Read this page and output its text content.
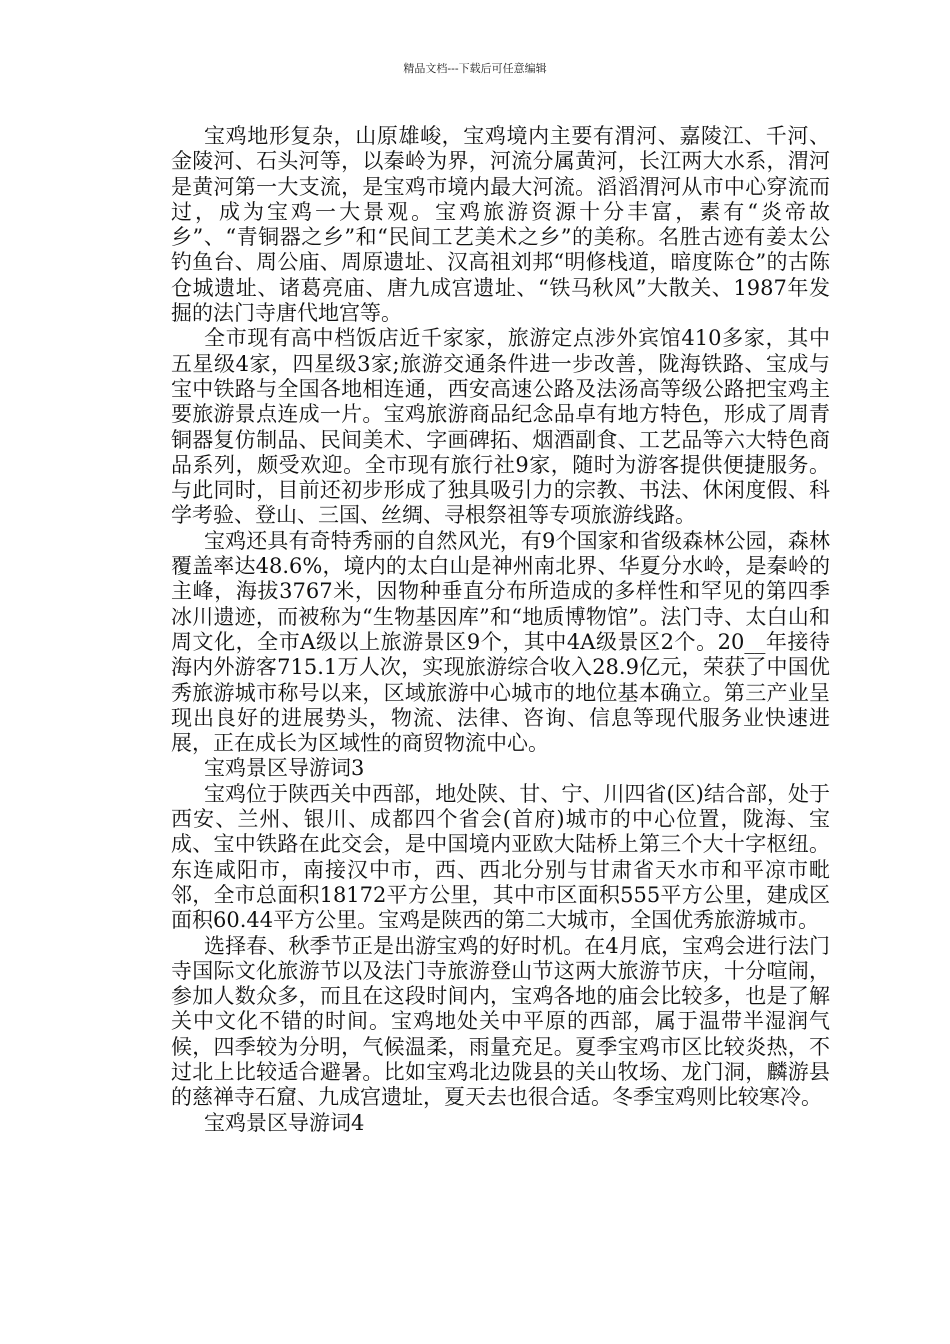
精品文档---下载后可任意编辑

宝鸡地形复杂，山原雄峻，宝鸡境内主要有渭河、嘉陵江、千河、金陵河、石头河等，以秦岭为界，河流分属黄河，长江两大水系，渭河是黄河第一大支流，是宝鸡市境内最大河流。滔滔渭河从市中心穿流而过，成为宝鸡一大景观。宝鸡旅游资源十分丰富，素有“炎帝故乡”、“青铜器之乡”和“民间工艺美术之乡”的美称。名胜古迹有姜太公钓鱼台、周公庙、周原遗址、汉高祖刘邦“明修栈道，暗度陈仓”的古陈仓城遗址、诸葛亮庙、唐九成宫遗址、“铁马秋风”大散关、1987年发掘的法门寺唐代地宫等。

全市现有高中档饭店近千家家，旅游定点涉外宾馆410多家，其中五星级4家，四星级3家;旅游交通条件进一步改善，陇海铁路、宝成与宝中铁路与全国各地相连通，西安高速公路及法汤高等级公路把宝鸡主要旅游景点连成一片。宝鸡旅游商品纪念品卓有地方特色，形成了周青铜器复仿制品、民间美术、字画碑拓、烟酒副食、工艺品等六大特色商品系列，颇受欢迎。全市现有旅行社9家，随时为游客提供便捷服务。与此同时，目前还初步形成了独具吸引力的宗教、书法、休闲度假、科学考验、登山、三国、丝绸、寻根祭祖等专项旅游线路。

宝鸡还具有奇特秀丽的自然风光，有9个国家和省级森林公园，森林覆盖率达48.6%，境内的太白山是神州南北界、华夏分水岭，是秦岭的主峰，海拔3767米，因物种垂直分布所造成的多样性和罕见的第四季冰川遗迹，而被称为“生物基因库”和“地质博物馆”。法门寺、太白山和周文化，全市A级以上旅游景区9个，其中4A级景区2个。20__年接待海内外游客715.1万人次，实现旅游综合收入28.9亿元，荣获了中国优秀旅游城市称号以来，区域旅游中心城市的地位基本确立。第三产业呈现出良好的进展势头，物流、法律、咨询、信息等现代服务业快速进展，正在成长为区域性的商贸物流中心。

宝鸡景区导游词3

宝鸡位于陕西关中西部，地处陕、甘、宁、川四省(区)结合部，处于西安、兰州、银川、成都四个省会(首府)城市的中心位置，陇海、宝成、宝中铁路在此交会，是中国境内亚欧大陆桥上第三个大十字枢纽。东连咸阳市，南接汉中市，西、西北分别与甘肃省天水市和平凉市毗邻，全市总面积18172平方公里，其中市区面积555平方公里，建成区面积60.44平方公里。宝鸡是陕西的第二大城市，全国优秀旅游城市。

选择春、秋季节正是出游宝鸡的好时机。在4月底，宝鸡会进行法门寺国际文化旅游节以及法门寺旅游登山节这两大旅游节庆，十分喧闹，参加人数众多，而且在这段时间内，宝鸡各地的庙会比较多，也是了解关中文化不错的时间。宝鸡地处关中平原的西部，属于温带半湿润气候，四季较为分明，气候温柔，雨量充足。夏季宝鸡市区比较炎热，不过北上比较适合避暑。比如宝鸡北边陇县的关山牧场、龙门洞，麟游县的慈禅寺石窟、九成宫遗址，夏天去也很合适。冬季宝鸡则比较寒冷。

宝鸡景区导游词4
